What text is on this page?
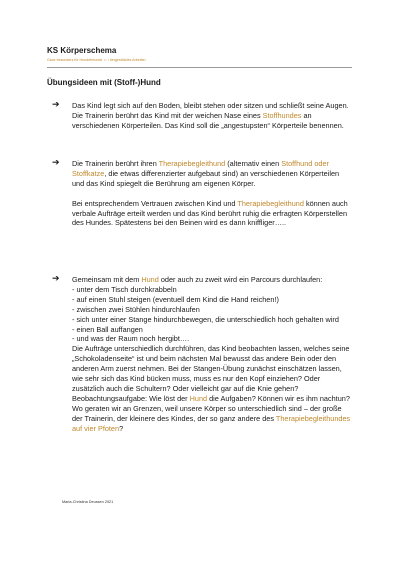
KS Körperschema
Ganz besonders für Hundefreunde ☺ / tiergestütztes Arbeiten
Übungsideen mit (Stoff-)Hund
➔ Das Kind legt sich auf den Boden, bleibt stehen oder sitzen und schließt seine Augen. Die Trainerin berührt das Kind mit der weichen Nase eines Stoffhundes an verschiedenen Körperteilen. Das Kind soll die „angestupsten“ Körperteile benennen.
➔ Die Trainerin berührt ihren Therapiebegleithund (alternativ einen Stoffhund oder Stoffkatze, die etwas differenzierter aufgebaut sind) an verschiedenen Körperteilen und das Kind spiegelt die Berührung am eigenen Körper.
Bei entsprechendem Vertrauen zwischen Kind und Therapiebegleithund können auch verbale Aufträge erteilt werden und das Kind berührt ruhig die erfragten Körperstellen des Hundes. Spätestens bei den Beinen wird es dann kniffliger…..
➔ Gemeinsam mit dem Hund oder auch zu zweit wird ein Parcours durchlaufen:
- unter dem Tisch durchkrabbeln
- auf einen Stuhl steigen (eventuell dem Kind die Hand reichen!)
- zwischen zwei Stühlen hindurchlaufen
- sich unter einer Stange hindurchbewegen, die unterschiedlich hoch gehalten wird
- einen Ball auffangen
- und was der Raum noch hergibt….
Die Aufträge unterschiedlich durchführen, das Kind beobachten lassen, welches seine „Schokoladenseite“ ist und beim nächsten Mal bewusst das andere Bein oder den anderen Arm zuerst nehmen. Bei der Stangen-Übung zunächst einschätzen lassen, wie sehr sich das Kind bücken muss, muss es nur den Kopf einziehen? Oder zusätzlich auch die Schultern? Oder vielleicht gar auf die Knie gehen?
Beobachtungsaufgabe: Wie löst der Hund die Aufgaben? Können wir es ihm nachtun? Wo geraten wir an Grenzen, weil unsere Körper so unterschiedlich sind – der große der Trainerin, der kleinere des Kindes, der so ganz andere des Therapiebegleithundes auf vier Pfoten?
Maria-Christina Deussen 2021
